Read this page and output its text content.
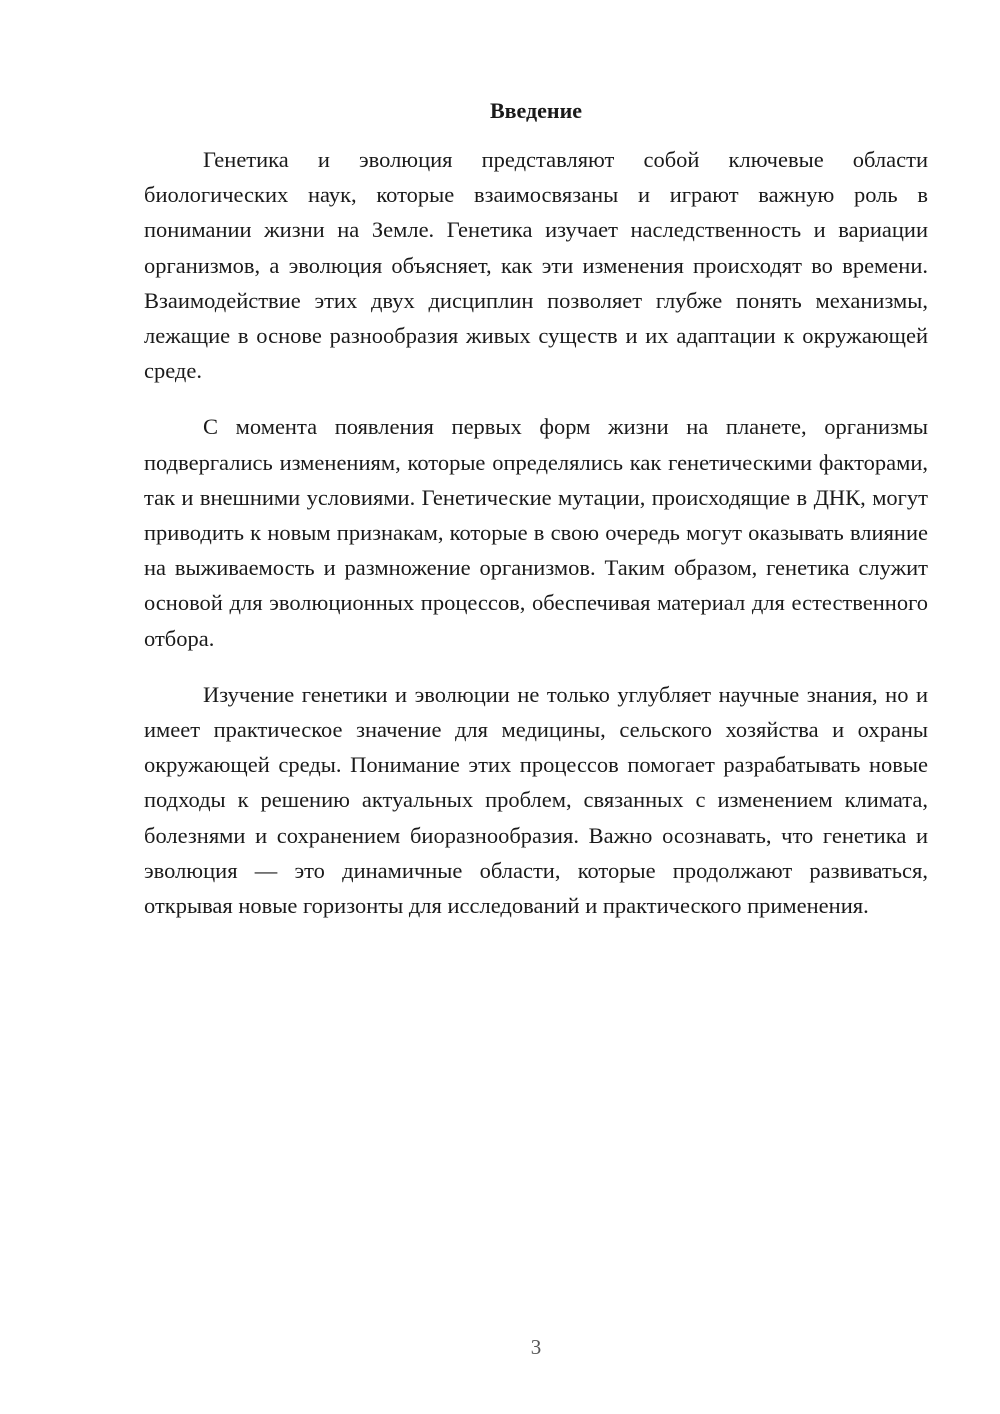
Введение

Генетика и эволюция представляют собой ключевые области биологических наук, которые взаимосвязаны и играют важную роль в понимании жизни на Земле. Генетика изучает наследственность и вариации организмов, а эволюция объясняет, как эти изменения происходят во времени. Взаимодействие этих двух дисциплин позволяет глубже понять механизмы, лежащие в основе разнообразия живых существ и их адаптации к окружающей среде.

С момента появления первых форм жизни на планете, организмы подвергались изменениям, которые определялись как генетическими факторами, так и внешними условиями. Генетические мутации, происходящие в ДНК, могут приводить к новым признакам, которые в свою очередь могут оказывать влияние на выживаемость и размножение организмов. Таким образом, генетика служит основой для эволюционных процессов, обеспечивая материал для естественного отбора.

Изучение генетики и эволюции не только углубляет научные знания, но и имеет практическое значение для медицины, сельского хозяйства и охраны окружающей среды. Понимание этих процессов помогает разрабатывать новые подходы к решению актуальных проблем, связанных с изменением климата, болезнями и сохранением биоразнообразия. Важно осознавать, что генетика и эволюция — это динамичные области, которые продолжают развиваться, открывая новые горизонты для исследований и практического применения.

3
